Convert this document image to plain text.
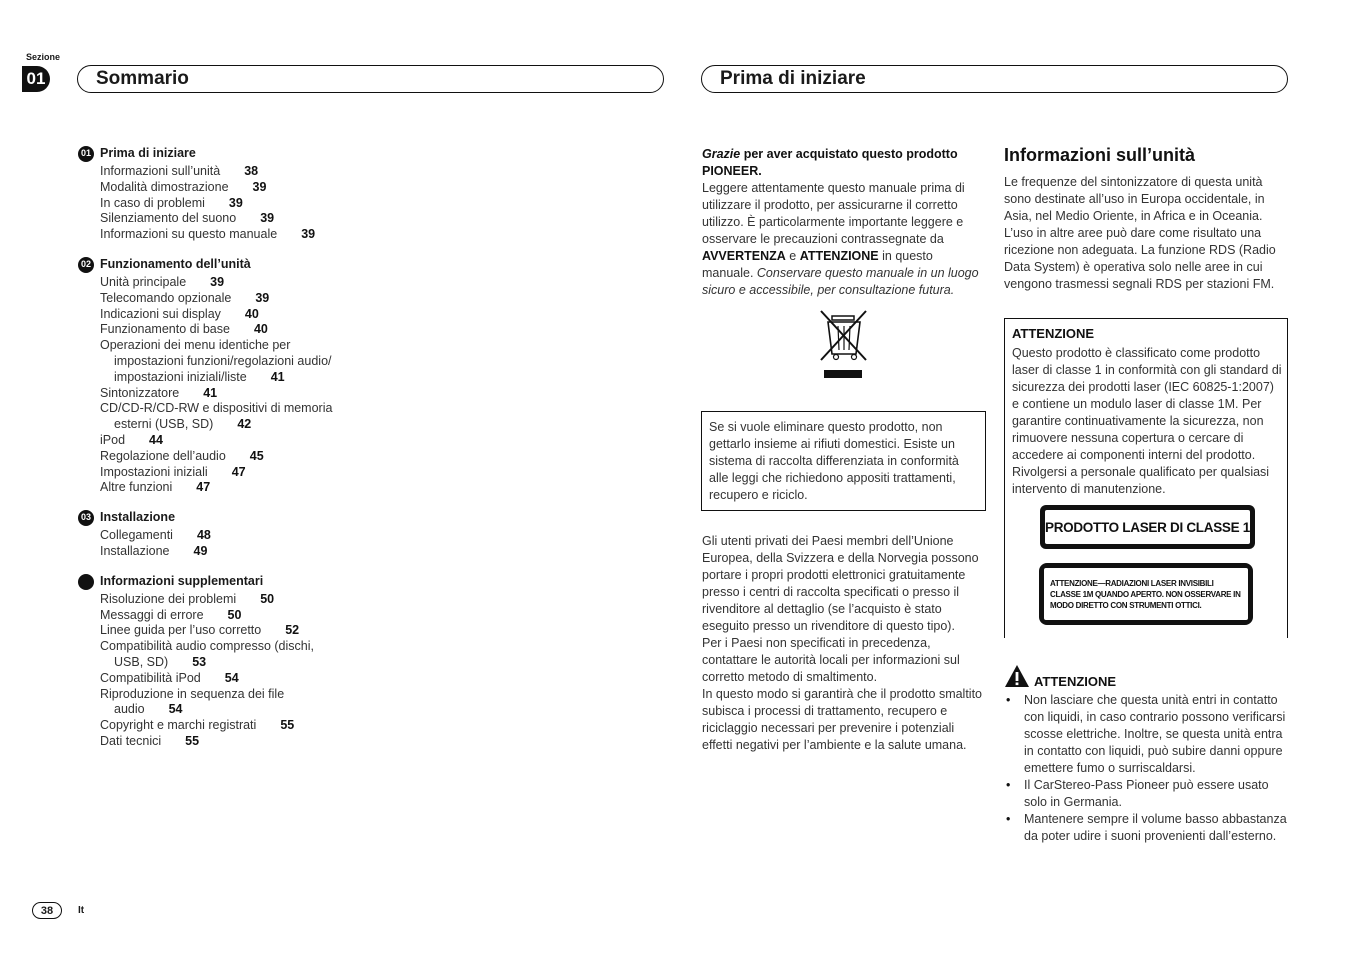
Sezione
01	Sommario	Prima di iniziare
01 Prima di iniziare
Informazioni sull’unità 38
Modalità dimostrazione 39
In caso di problemi 39
Silenziamento del suono 39
Informazioni su questo manuale 39
02 Funzionamento dell’unità
Unità principale 39
Telecomando opzionale 39
Indicazioni sui display 40
Funzionamento di base 40
Operazioni dei menu identiche per
impostazioni funzioni/regolazioni audio/
impostazioni iniziali/liste 41
Sintonizzatore 41
CD/CD-R/CD-RW e dispositivi di memoria
esterni (USB, SD) 42
iPod 44
Regolazione dell’audio 45
Impostazioni iniziali 47
Altre funzioni 47
03 Installazione
Collegamenti 48
Installazione 49
Informazioni supplementari
Risoluzione dei problemi 50
Messaggi di errore 50
Linee guida per l’uso corretto 52
Compatibilità audio compresso (dischi,
USB, SD) 53
Compatibilità iPod 54
Riproduzione in sequenza dei file
audio 54
Copyright e marchi registrati 55
Dati tecnici 55

Grazie per aver acquistato questo prodotto PIONEER.

Leggere attentamente questo manuale prima di utilizzare il prodotto, per assicurarne il corretto utilizzo. È particolarmente importante leggere e osservare le precauzioni contrassegnate da AVVERTENZA e ATTENZIONE in questo manuale. Conservare questo manuale in un luogo sicuro e accessibile, per consultazione futura.

Se si vuole eliminare questo prodotto, non gettarlo insieme ai rifiuti domestici. Esiste un sistema di raccolta differenziata in conformità alle leggi che richiedono appositi trattamenti, recupero e riciclo.

Gli utenti privati dei Paesi membri dell’Unione Europea, della Svizzera e della Norvegia possono portare i propri prodotti elettronici gratuitamente presso i centri di raccolta specificati o presso il rivenditore al dettaglio (se l’acquisto è stato eseguito presso un rivenditore di questo tipo).

Per i Paesi non specificati in precedenza, contattare le autorità locali per informazioni sul corretto metodo di smaltimento.

In questo modo si garantirà che il prodotto smaltito subisca i processi di trattamento, recupero e riciclaggio necessari per prevenire i potenziali effetti negativi per l’ambiente e la salute umana.

Informazioni sull’unità
Le frequenze del sintonizzatore di questa unità sono destinate all’uso in Europa occidentale, in Asia, nel Medio Oriente, in Africa e in Oceania. L’uso in altre aree può dare come risultato una ricezione non adeguata. La funzione RDS (Radio Data System) è operativa solo nelle aree in cui vengono trasmessi segnali RDS per stazioni FM.
ATTENZIONE
Questo prodotto è classificato come prodotto laser di classe 1 in conformità con gli standard di sicurezza dei prodotti laser (IEC 60825-1:2007) e contiene un modulo laser di classe 1M. Per garantire continuativamente la sicurezza, non rimuovere nessuna copertura o cercare di accedere ai componenti interni del prodotto. Rivolgersi a personale qualificato per qualsiasi intervento di manutenzione.
PRODOTTO LASER DI CLASSE 1
ATTENZIONE—RADIAZIONI LASER INVISIBILI CLASSE 1M QUANDO APERTO. NON OSSERVARE IN MODO DIRETTO CON STRUMENTI OTTICI.
ATTENZIONE
• Non lasciare che questa unità entri in contatto con liquidi, in caso contrario possono verificarsi scosse elettriche. Inoltre, se questa unità entra in contatto con liquidi, può subire danni oppure emettere fumo o surriscaldarsi.
• Il CarStereo-Pass Pioneer può essere usato solo in Germania.
• Mantenere sempre il volume basso abbastanza da poter udire i suoni provenienti dall’esterno.
38	It
